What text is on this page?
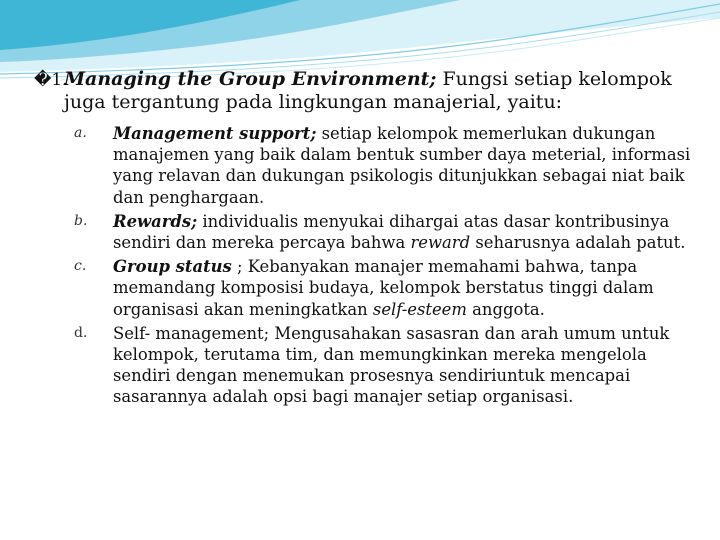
�1.Managing the Group Environment; Fungsi setiap kelompok juga tergantung pada lingkungan manajerial, yaitu:

a.	Management support; setiap kelompok memerlukan dukungan manajemen yang baik dalam bentuk sumber daya meterial, informasi yang relavan dan dukungan psikologis ditunjukkan sebagai niat baik dan penghargaan.
b.	Rewards; individualis menyukai dihargai atas dasar kontribusinya sendiri dan mereka percaya bahwa reward seharusnya adalah patut.
c.	Group status ; Kebanyakan manajer memahami bahwa, tanpa memandang komposisi budaya, kelompok berstatus tinggi dalam organisasi akan meningkatkan self-esteem anggota.
d.	Self- management; Mengusahakan sasasran dan arah umum untuk kelompok, terutama tim, dan memungkinkan mereka mengelola sendiri dengan menemukan prosesnya sendiriuntuk mencapai sasarannya adalah opsi bagi manajer setiap organisasi.
